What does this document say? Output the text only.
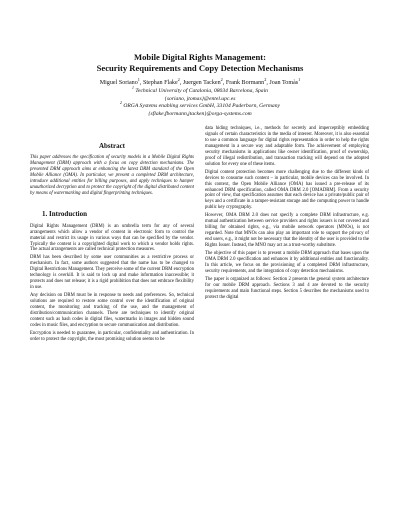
Mobile Digital Rights Management:
Security Requirements and Copy Detection Mechanisms
Miguel Soriano$^1$, Stephan Flake$^2$, Juergen Tacken$^2$, Frank Bormann$^2$, Joan Tomàs$^1$
$^1$ Technical University of Catalonia, 08034 Barcelona, Spain
{soriano, jtomas}@entel.upc.es
$^2$ ORGA Systems enabling services GmbH, 33104 Paderborn, Germany
{sflake,fbormann,jtacken}@orga-systems.com
Abstract
This paper addresses the specification of security models in a Mobile Digital Rights Management (DRM) approach with a focus on copy detection mechanisms. The presented DRM approach aims at enhancing the latest DRM standard of the Open Mobile Alliance (OMA). In particular, we present a completed DRM architecture, introduce additional entities for billing purposes, and apply techniques to hamper unauthorized decryption and to protect the copyright of the digital distributed content by means of watermarking and digital fingerprinting techniques.
1. Introduction
Digital Rights Management (DRM) is an umbrella term for any of several arrangements which allow a vendor of content in electronic form to control the material and restrict its usage in various ways that can be specified by the vendor. Typically the content is a copyrighted digital work to which a vendor holds rights. The actual arrangements are called technical protection measures.
DRM has been described by some user communities as a restrictive process or mechanism. In fact, some authors suggested that the name has to be changed to Digital Restrictions Management. They perceive some of the current DRM encryption technology is overkill. It is said to lock up and make information inaccessible; it protects and does not release; it is a rigid prohibition that does not embrace flexibility in use.
Any decision on DRM must be in response to needs and preferences. So, technical solutions are required to restore some control over the identification of original content, the monitoring and tracking of the use, and the management of distribution/communication channels. There are techniques to identify original content such as hash codes in digital files, watermarks in images and hidden sound codes in music files, and encryption to secure communication and distribution.
Encryption is needed to guarantee, in particular, confidentiality and authentication. In order to protect the copyright, the most promising solution seems to be
data hiding techniques, i.e., methods for secretly and imperceptibly embedding signals of certain characteristics in the media of interest. Moreover, it is also essential to use a common language for digital rights representation in order to help the rights management in a secure way and adaptable form. The achievement of employing security mechanisms in applications like owner identification, proof of ownership, proof of illegal redistribution, and transaction tracking will depend on the adopted solution for every one of these items.
Digital content protection becomes more challenging due to the different kinds of devices to consume such content – in particular, mobile devices can be involved. In this context, the Open Mobile Alliance (OMA) has issued a pre-release of its enhanced DRM specification, called OMA DRM 2.0 [OMADRM]. From a security point of view, that specification assumes that each device has a private/public pair of keys and a certificate in a tamper-resistant storage and the computing power to handle public key cryptography.
However, OMA DRM 2.0 does not specify a complete DRM infrastructure, e.g. mutual authentication between service providers and rights issuers is not covered and billing for obtained rights, e.g., via mobile network operators (MNOs), is not regarded. Note that MNOs can also play an important role to support the privacy of end users, e.g., it might not be necessary that the identity of the user is provided to the Rights Issuer. Instead, the MNO may act as a trust-worthy substitute.
The objective of this paper is to present a mobile DRM approach that bases upon the OMA DRM 2.0 specification and enhances it by additional entities and functionality. In this article, we focus on the provisioning of a completed DRM infrastructure, security requirements, and the integration of copy detection mechanisms.
The paper is organized as follows: Section 2 presents the general system architecture for our mobile DRM approach. Sections 3 and 4 are devoted to the security requirements and main functional steps. Section 5 describes the mechanisms used to protect the digital
